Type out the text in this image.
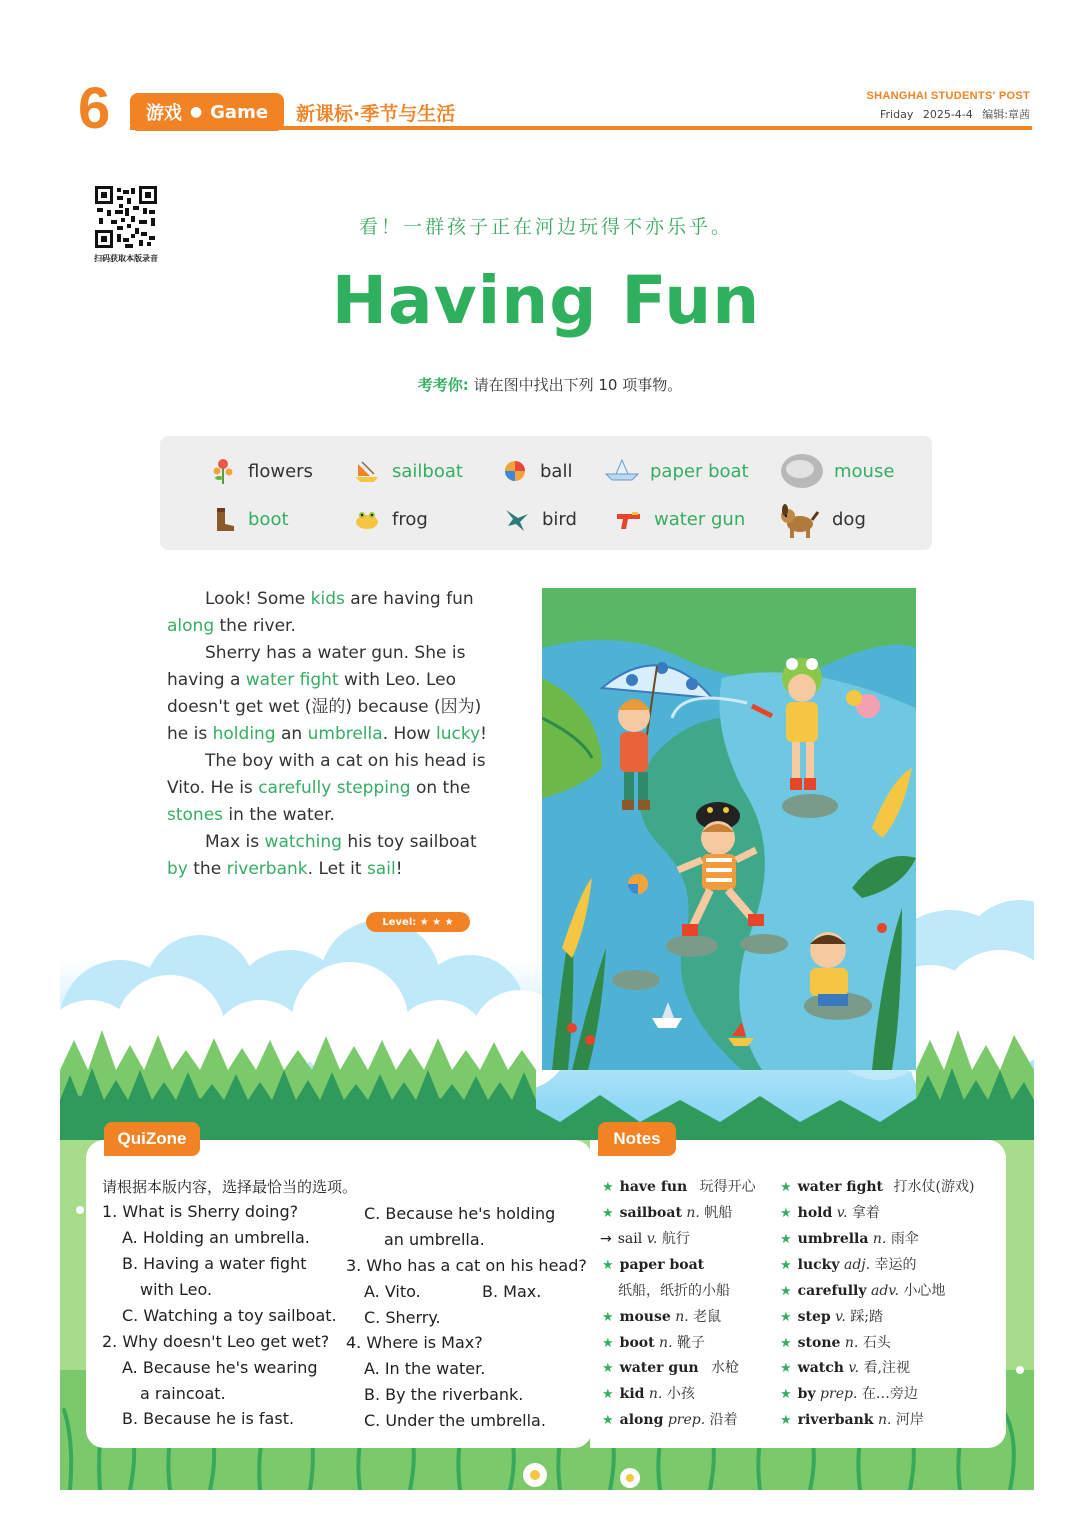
6 游戏 ● Game 新课标·季节与生活
SHANGHAI STUDENTS' POST
Friday 2025-4-4 编辑:章茜
扫码获取本版录音
看！一群孩子正在河边玩得不亦乐乎。
Having Fun
考考你: 请在图中找出下列 10 项事物。
flowers	sailboat	ball	paper boat	mouse
boot	frog	bird	water gun	dog

Look! Some kids are having fun along the river.

Sherry has a water gun. She is having a water fight with Leo. Leo doesn't get wet (湿的) because (因为) he is holding an umbrella. How lucky!

The boy with a cat on his head is Vito. He is carefully stepping on the stones in the water.

Max is watching his toy sailboat by the riverbank. Let it sail!

Level: ★ ★ ★
QuiZone	Notes
请根据本版内容，选择最恰当的选项。
1. What is Sherry doing?
A. Holding an umbrella.
B. Having a water fight
with Leo.
C. Watching a toy sailboat.
2. Why doesn't Leo get wet?
A. Because he's wearing
a raincoat.
B. Because he is fast.
C. Because he's holding
an umbrella.
3. Who has a cat on his head?
A. Vito.	B. Max.
C. Sherry.
4. Where is Max?
A. In the water.
B. By the riverbank.
C. Under the umbrella.
★ have fun 玩得开心
★ sailboat n. 帆船
→ sail v. 航行
★ paper boat
纸船，纸折的小船
★ mouse n. 老鼠
★ boot n. 靴子
★ water gun 水枪
★ kid n. 小孩
★ along prep. 沿着
★ water fight 打水仗(游戏)
★ hold v. 拿着
★ umbrella n. 雨伞
★ lucky adj. 幸运的
★ carefully adv. 小心地
★ step v. 踩;踏
★ stone n. 石头
★ watch v. 看,注视
★ by prep. 在…旁边
★ riverbank n. 河岸
